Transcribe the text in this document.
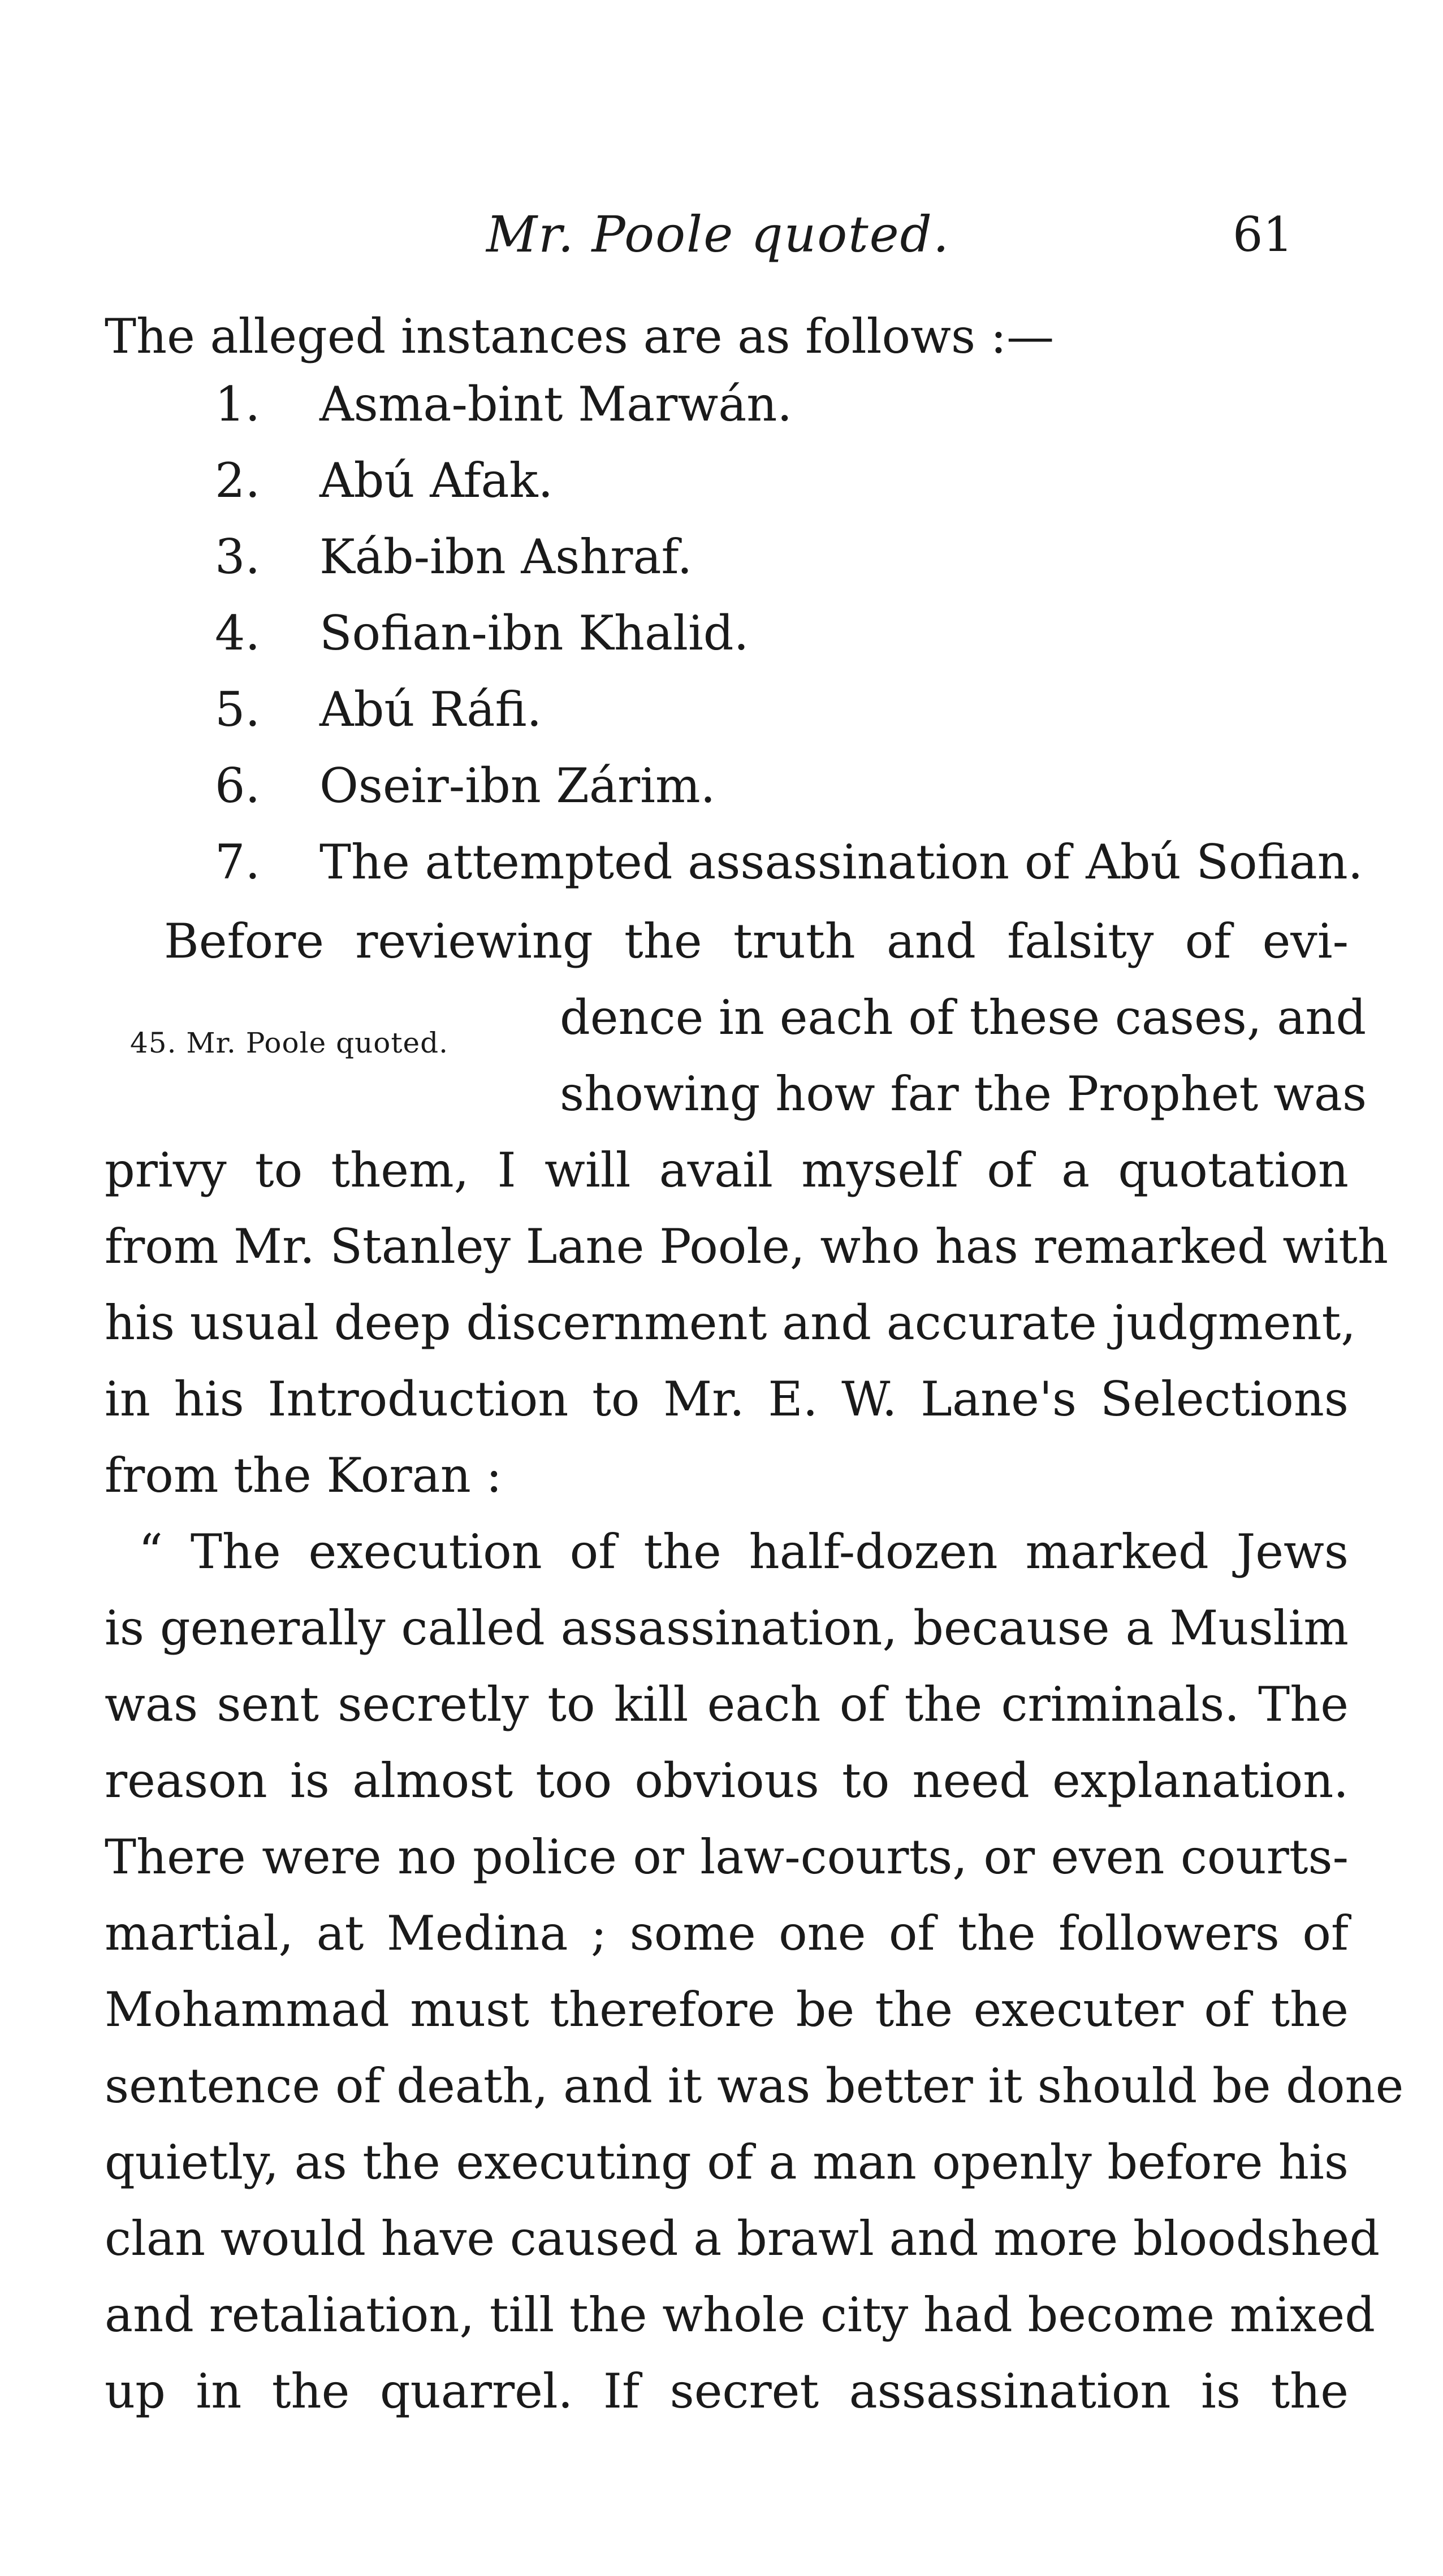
Mr. Poole quoted.	61
The alleged instances are as follows :—
1. Asma-bint Marwán.
2. Abú Afak.
3. Káb-ibn Ashraf.
4. Sofian-ibn Khalid.
5. Abú Ráfi.
6. Oseir-ibn Zárim.
7. The attempted assassination of Abú Sofian.
45. Mr. Poole quoted.
Before reviewing the truth and falsity of evi-
dence in each of these cases, and
showing how far the Prophet was
privy to them, I will avail myself of a quotation
from Mr. Stanley Lane Poole, who has remarked with
his usual deep discernment and accurate judgment,
in his Introduction to Mr. E. W. Lane's Selections
from the Koran :
“ The execution of the half-dozen marked Jews
is generally called assassination, because a Muslim
was sent secretly to kill each of the criminals. The
reason is almost too obvious to need explanation.
There were no police or law-courts, or even courts-
martial, at Medina ; some one of the followers of
Mohammad must therefore be the executer of the
sentence of death, and it was better it should be done
quietly, as the executing of a man openly before his
clan would have caused a brawl and more bloodshed
and retaliation, till the whole city had become mixed
up in the quarrel. If secret assassination is the
